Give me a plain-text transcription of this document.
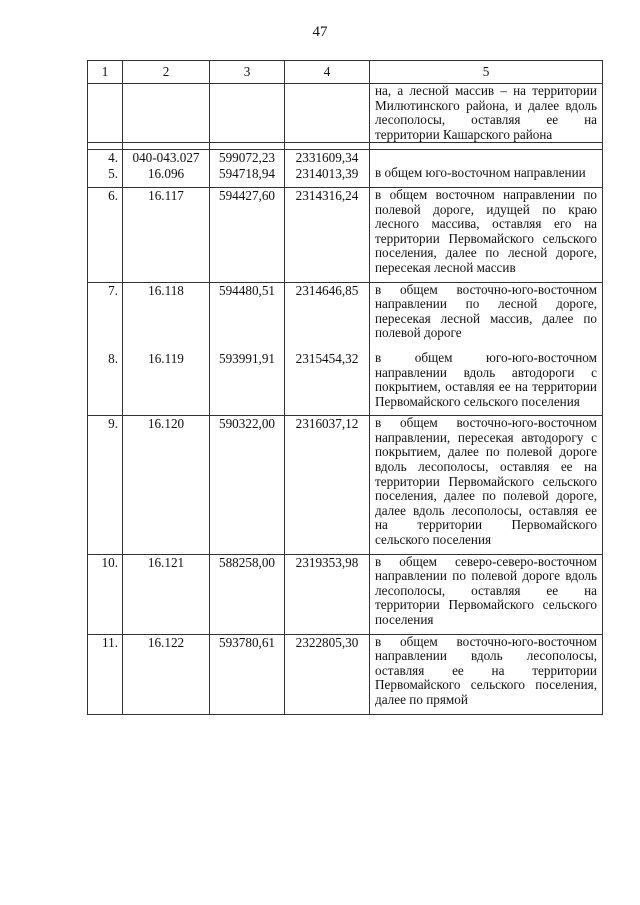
47
1	2	3	4	5
				на, а лесной массив – на территории Милютинского района, и далее вдоль лесополосы, оставляя ее на территории Кашарского района

4.	040-043.027	599072,23	2331609,34	
5.	16.096	594718,94	2314013,39	в общем юго-восточном направлении
6.	16.117	594427,60	2314316,24	в общем восточном направлении по полевой дороге, идущей по краю лесного массива, оставляя его на территории Первомайского сельского поселения, далее по лесной дороге, пересекая лесной массив
7.	16.118	594480,51	2314646,85	в общем восточно-юго-восточном направлении по лесной дороге, пересекая лесной массив, далее по полевой дороге
8.	16.119	593991,91	2315454,32	в общем юго-юго-восточном направлении вдоль автодороги с покрытием, оставляя ее на территории Первомайского сельского поселения
9.	16.120	590322,00	2316037,12	в общем восточно-юго-восточном направлении, пересекая автодорогу с покрытием, далее по полевой дороге вдоль лесополосы, оставляя ее на территории Первомайского сельского поселения, далее по полевой дороге, далее вдоль лесополосы, оставляя ее на территории Первомайского сельского поселения
10.	16.121	588258,00	2319353,98	в общем северо-северо-восточном направлении по полевой дороге вдоль лесополосы, оставляя ее на территории Первомайского сельского поселения
11.	16.122	593780,61	2322805,30	в общем восточно-юго-восточном направлении вдоль лесополосы, оставляя ее на территории Первомайского сельского поселения, далее по прямой
